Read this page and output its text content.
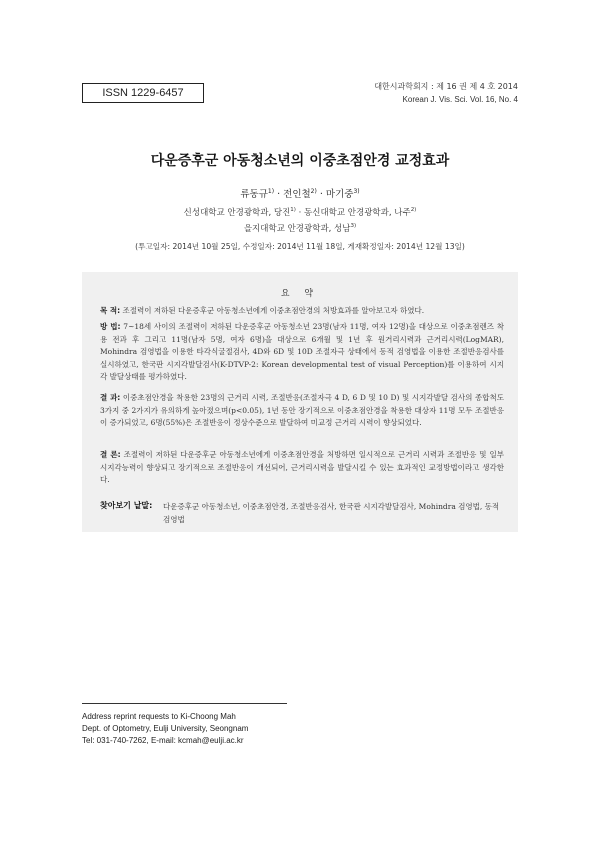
ISSN 1229-6457
대한시과학회지 : 제 16 권 제 4 호 2014
Korean J. Vis. Sci. Vol. 16, No. 4
다운증후군 아동청소년의 이중초점안경 교정효과
류동규$^{1)}$ · 전인철$^{2)}$ · 마기중$^{3)}$
신성대학교 안경광학과, 당진$^{1)}$ · 동신대학교 안경광학과, 나주$^{2)}$
을지대학교 안경광학과, 성남$^{3)}$
(투고일자: 2014년 10월 25일, 수정일자: 2014년 11월 18일, 게재확정일자: 2014년 12월 13일)
요 약
목 적: 조절력이 저하된 다운증후군 아동청소년에게 이중초점안경의 처방효과를 알아보고자 하였다.
방 법: 7~18세 사이의 조절력이 저하된 다운증후군 아동청소년 23명(남자 11명, 여자 12명)을 대상으로 이중초점렌즈 착용 전과 후 그리고 11명(남자 5명, 여자 6명)을 대상으로 6개월 및 1년 후 원거리시력과 근거리시력(LogMAR), Mohindra 검영법을 이용한 타각식굴절검사, 4D와 6D 및 10D 조절자극 상태에서 동적 검영법을 이용한 조절반응검사를 실시하였고, 한국판 시지각발달검사(K-DTVP-2: Korean developmental test of visual Perception)를 이용하여 시지각 발달상태를 평가하였다.
결 과: 이중초점안경을 착용한 23명의 근거리 시력, 조절반응(조절자극 4 D, 6 D 및 10 D) 및 시지각발달 검사의 종합척도 3가지 중 2가지가 유의하게 높아졌으며(p<0.05), 1년 동안 장기적으로 이중초점안경을 착용한 대상자 11명 모두 조절반응이 증가되었고, 6명(55%)은 조절반응이 정상수준으로 발달하여 미교정 근거리 시력이 향상되었다.
결 론: 조절력이 저하된 다운증후군 아동청소년에게 이중초점안경을 처방하면 일시적으로 근거리 시력과 조절반응 및 일부 시지각능력이 향상되고 장기적으로 조절반응이 개선되어, 근거리시력을 발달시킬 수 있는 효과적인 교정방법이라고 생각한다.
찾아보기 낱말: 다운증후군 아동청소년, 이중초점안경, 조절반응검사, 한국판 시지각발달검사, Mohindra 검영법, 동적검영법
Address reprint requests to Ki-Choong Mah
Dept. of Optometry, Eulji University, Seongnam
Tel: 031-740-7262, E-mail: kcmah@eulji.ac.kr
